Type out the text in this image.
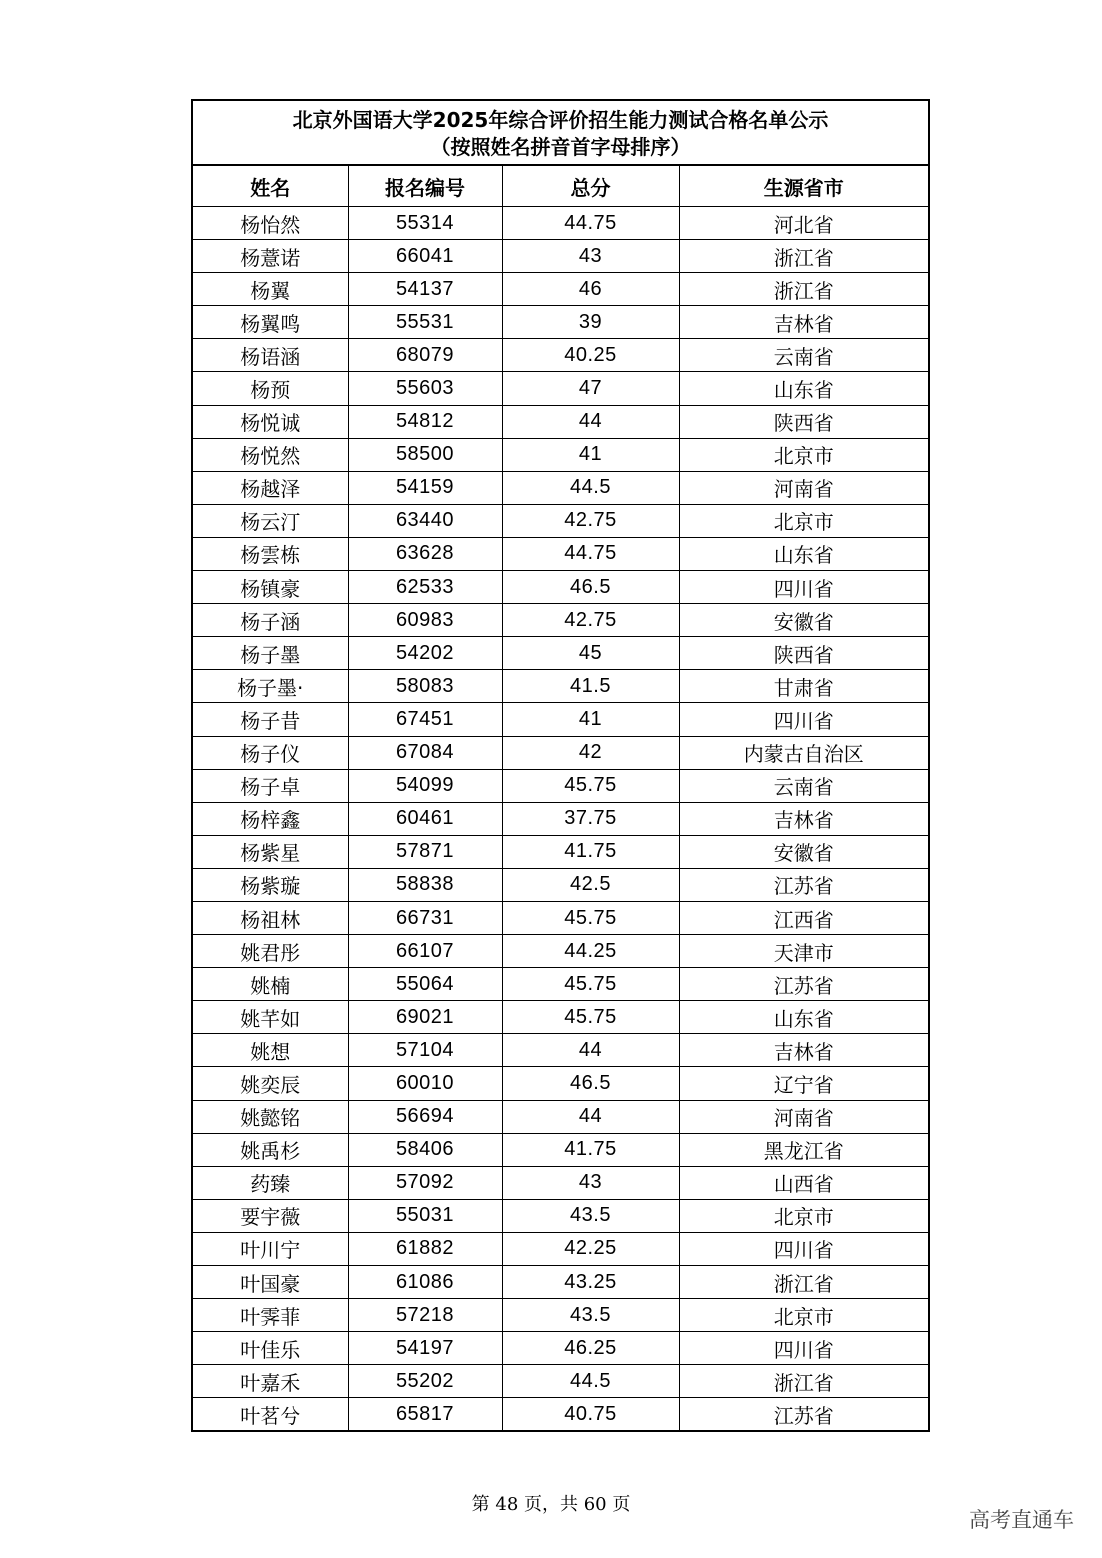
北京外国语大学2025年综合评价招生能力测试合格名单公示
（按照姓名拼音首字母排序）
姓名	报名编号	总分	生源省市
杨怡然	55314	44.75	河北省
杨薏诺	66041	43	浙江省
杨翼	54137	46	浙江省
杨翼鸣	55531	39	吉林省
杨语涵	68079	40.25	云南省
杨预	55603	47	山东省
杨悦诚	54812	44	陕西省
杨悦然	58500	41	北京市
杨越泽	54159	44.5	河南省
杨云汀	63440	42.75	北京市
杨雲栋	63628	44.75	山东省
杨镇豪	62533	46.5	四川省
杨子涵	60983	42.75	安徽省
杨子墨	54202	45	陕西省
杨子墨·	58083	41.5	甘肃省
杨子昔	67451	41	四川省
杨子仪	67084	42	内蒙古自治区
杨子卓	54099	45.75	云南省
杨梓鑫	60461	37.75	吉林省
杨紫星	57871	41.75	安徽省
杨紫璇	58838	42.5	江苏省
杨祖林	66731	45.75	江西省
姚君彤	66107	44.25	天津市
姚楠	55064	45.75	江苏省
姚芊如	69021	45.75	山东省
姚想	57104	44	吉林省
姚奕辰	60010	46.5	辽宁省
姚懿铭	56694	44	河南省
姚禹杉	58406	41.75	黑龙江省
药臻	57092	43	山西省
要宇薇	55031	43.5	北京市
叶川宁	61882	42.25	四川省
叶国豪	61086	43.25	浙江省
叶霁菲	57218	43.5	北京市
叶佳乐	54197	46.25	四川省
叶嘉禾	55202	44.5	浙江省
叶茗兮	65817	40.75	江苏省
第 48 页，共 60 页
高考直通车
